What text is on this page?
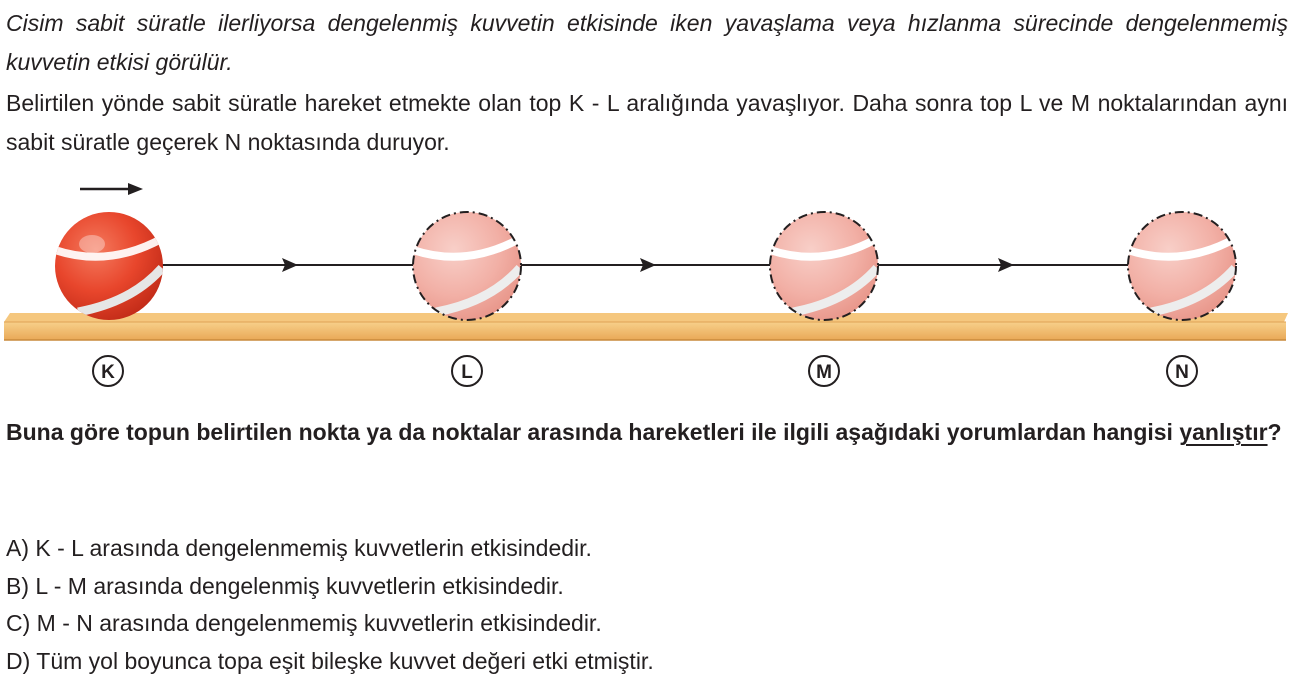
Cisim sabit süratle ilerliyorsa dengelenmiş kuvvetin etkisinde iken yavaşlama veya hızlanma sürecinde dengelenmemiş kuvvetin etkisi görülür.

Belirtilen yönde sabit süratle hareket etmekte olan top K - L aralığında yavaşlıyor. Daha sonra top L ve M noktalarından aynı sabit süratle geçerek N noktasında duruyor.

K	L	M	N

Buna göre topun belirtilen nokta ya da noktalar arasında hareketleri ile ilgili aşağıdaki yorumlardan hangisi yanlıştır?

A) K - L arasında dengelenmemiş kuvvetlerin etkisindedir.
B) L - M arasında dengelenmiş kuvvetlerin etkisindedir.
C) M - N arasında dengelenmemiş kuvvetlerin etkisindedir.
D) Tüm yol boyunca topa eşit bileşke kuvvet değeri etki etmiştir.
